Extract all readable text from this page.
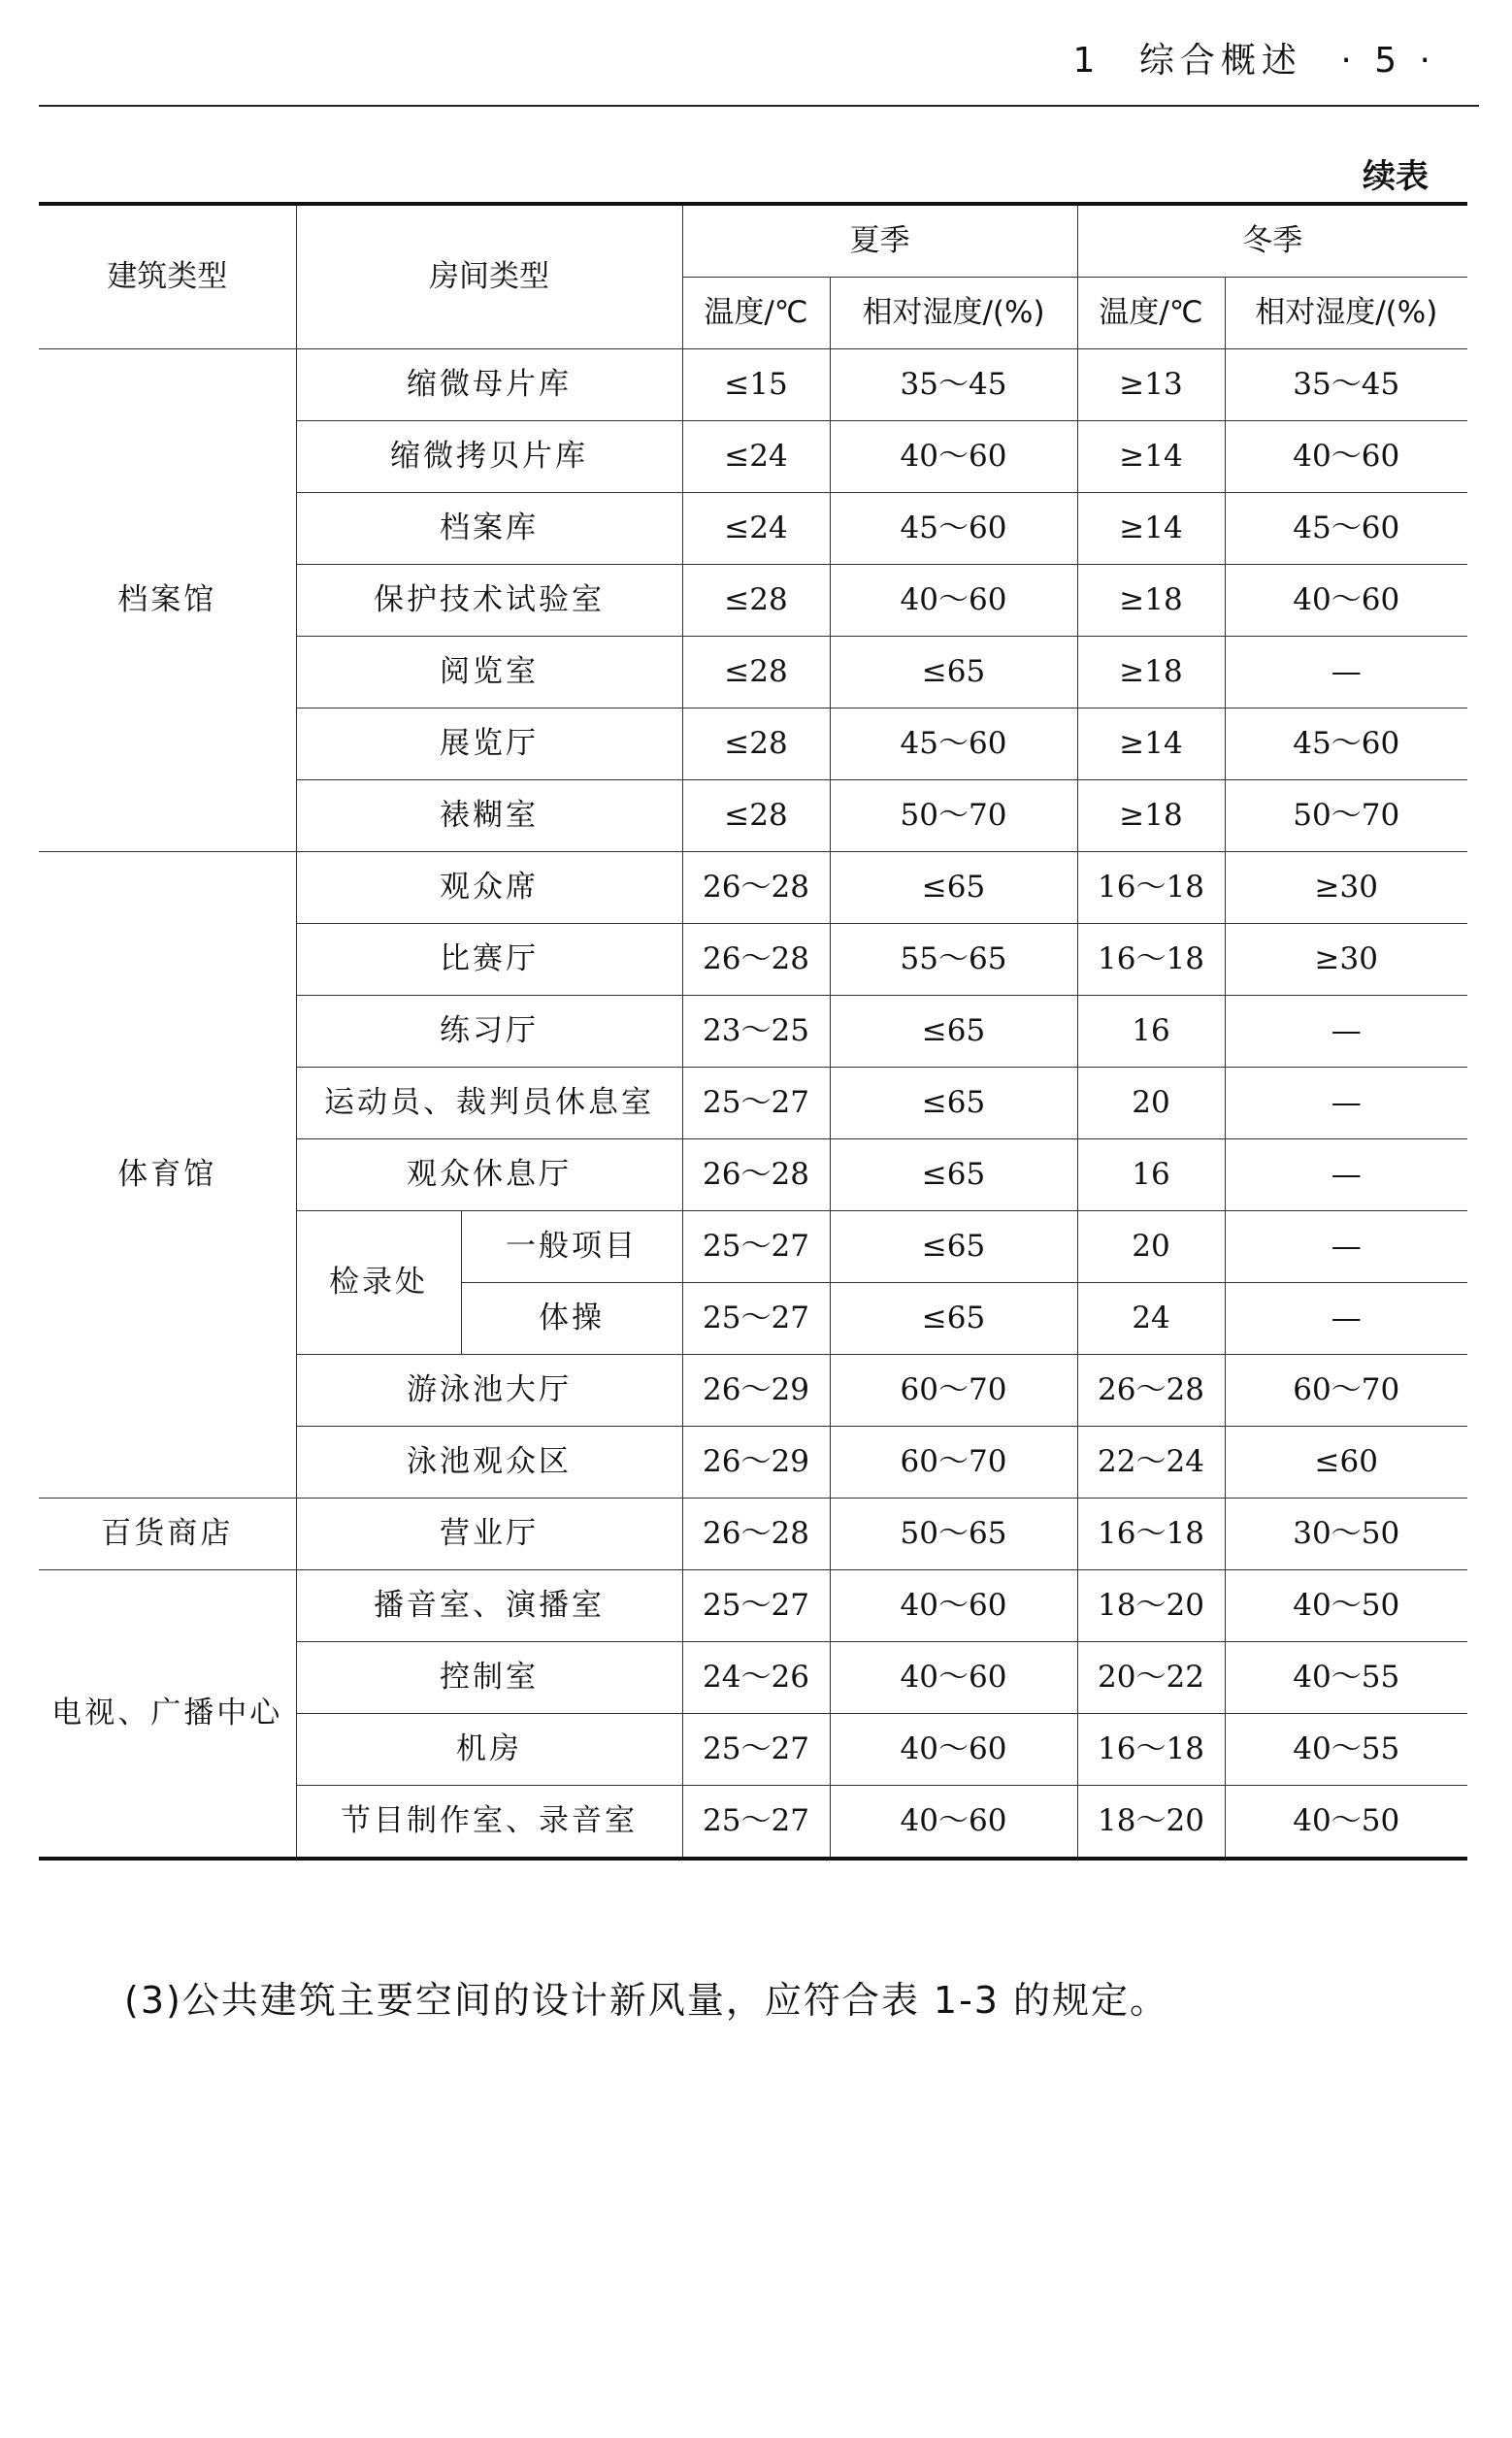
1 综合概述 · 5 ·
续表
建筑类型	房间类型		夏季		冬季	
			温度/℃	相对湿度/(%)	温度/℃	相对湿度/(%)
档案馆	缩微母片库		≤15	35～45	≥13	35～45
	缩微拷贝片库		≤24	40～60	≥14	40～60
	档案库		≤24	45～60	≥14	45～60
	保护技术试验室		≤28	40～60	≥18	40～60
	阅览室		≤28	≤65	≥18	—
	展览厅		≤28	45～60	≥14	45～60
	裱糊室		≤28	50～70	≥18	50～70
体育馆	观众席		26～28	≤65	16～18	≥30
	比赛厅		26～28	55～65	16～18	≥30
	练习厅		23～25	≤65	16	—
	运动员、裁判员休息室		25～27	≤65	20	—
	观众休息厅		26～28	≤65	16	—
	检录处	一般项目	25～27	≤65	20	—
		体操	25～27	≤65	24	—
	游泳池大厅		26～29	60～70	26～28	60～70
	泳池观众区		26～29	60～70	22～24	≤60
百货商店	营业厅		26～28	50～65	16～18	30～50
电视、广播中心	播音室、演播室		25～27	40～60	18～20	40～50
	控制室		24～26	40～60	20～22	40～55
	机房		25～27	40～60	16～18	40～55
	节目制作室、录音室		25～27	40～60	18～20	40～50
(3)公共建筑主要空间的设计新风量，应符合表 1-3 的规定。
